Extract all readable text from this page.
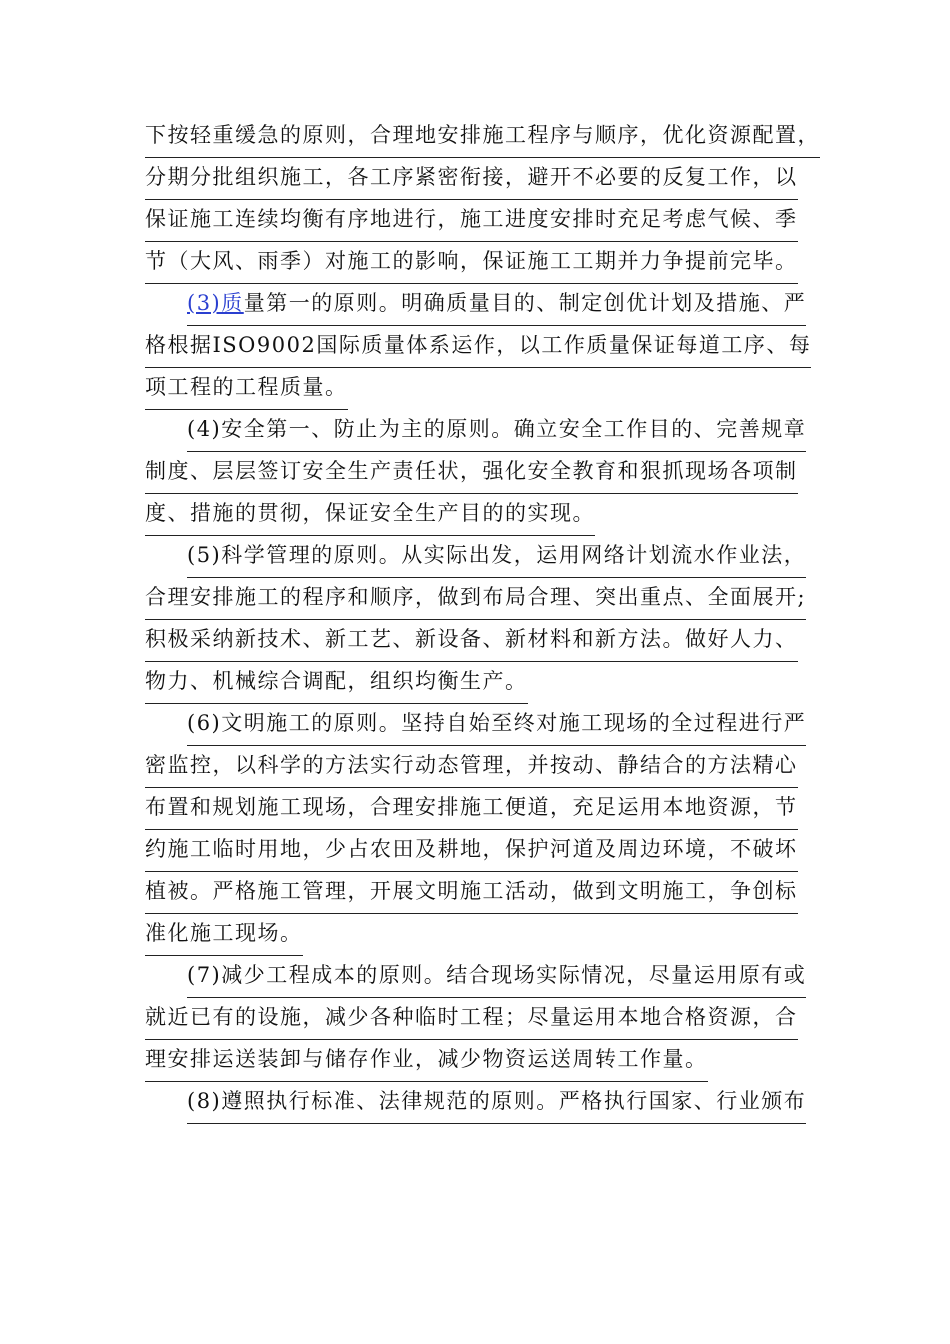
下按轻重缓急的原则，合理地安排施工程序与顺序，优化资源配置，
分期分批组织施工，各工序紧密衔接，避开不必要的反复工作，以
保证施工连续均衡有序地进行，施工进度安排时充足考虑气候、季
节（大风、雨季）对施工的影响，保证施工工期并力争提前完毕。
(3)质量第一的原则。明确质量目的、制定创优计划及措施、严
格根据ISO9002国际质量体系运作，以工作质量保证每道工序、每
项工程的工程质量。
(4)安全第一、防止为主的原则。确立安全工作目的、完善规章
制度、层层签订安全生产责任状，强化安全教育和狠抓现场各项制
度、措施的贯彻，保证安全生产目的的实现。
(5)科学管理的原则。从实际出发，运用网络计划流水作业法，
合理安排施工的程序和顺序，做到布局合理、突出重点、全面展开;
积极采纳新技术、新工艺、新设备、新材料和新方法。做好人力、
物力、机械综合调配，组织均衡生产。
(6)文明施工的原则。坚持自始至终对施工现场的全过程进行严
密监控，以科学的方法实行动态管理，并按动、静结合的方法精心
布置和规划施工现场，合理安排施工便道，充足运用本地资源，节
约施工临时用地，少占农田及耕地，保护河道及周边环境，不破坏
植被。严格施工管理，开展文明施工活动，做到文明施工，争创标
准化施工现场。
(7)减少工程成本的原则。结合现场实际情况，尽量运用原有或
就近已有的设施，减少各种临时工程；尽量运用本地合格资源，合
理安排运送装卸与储存作业，减少物资运送周转工作量。
(8)遵照执行标准、法律规范的原则。严格执行国家、行业颁布
